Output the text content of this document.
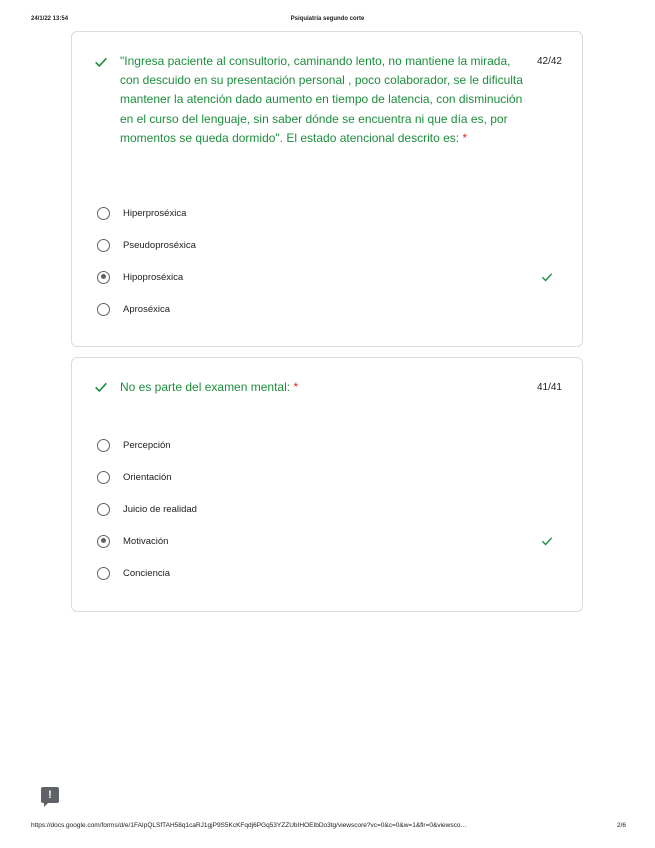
24/1/22 13:54	Psiquiatría segundo corte
"Ingresa paciente al consultorio, caminando lento, no mantiene la mirada, con descuido en su presentación personal , poco colaborador, se le dificulta mantener la atención dado aumento en tiempo de latencia, con disminución en el curso del lenguaje, sin saber dónde se encuentra ni que día es, por momentos se queda dormido". El estado atencional descrito es: *
42/42
Hiperproséxica
Pseudoproséxica
Hipoproséxica
Aproséxica
No es parte del examen mental: *	41/41
Percepción
Orientación
Juicio de realidad
Motivación
Conciencia
!
https://docs.google.com/forms/d/e/1FAIpQLSfTAH58q1caRJ1gjP9S5KcKFqdj6PGq53YZZUbIHOEIbDo3tg/viewscore?vc=0&c=0&w=1&flr=0&viewsco…	2/6
